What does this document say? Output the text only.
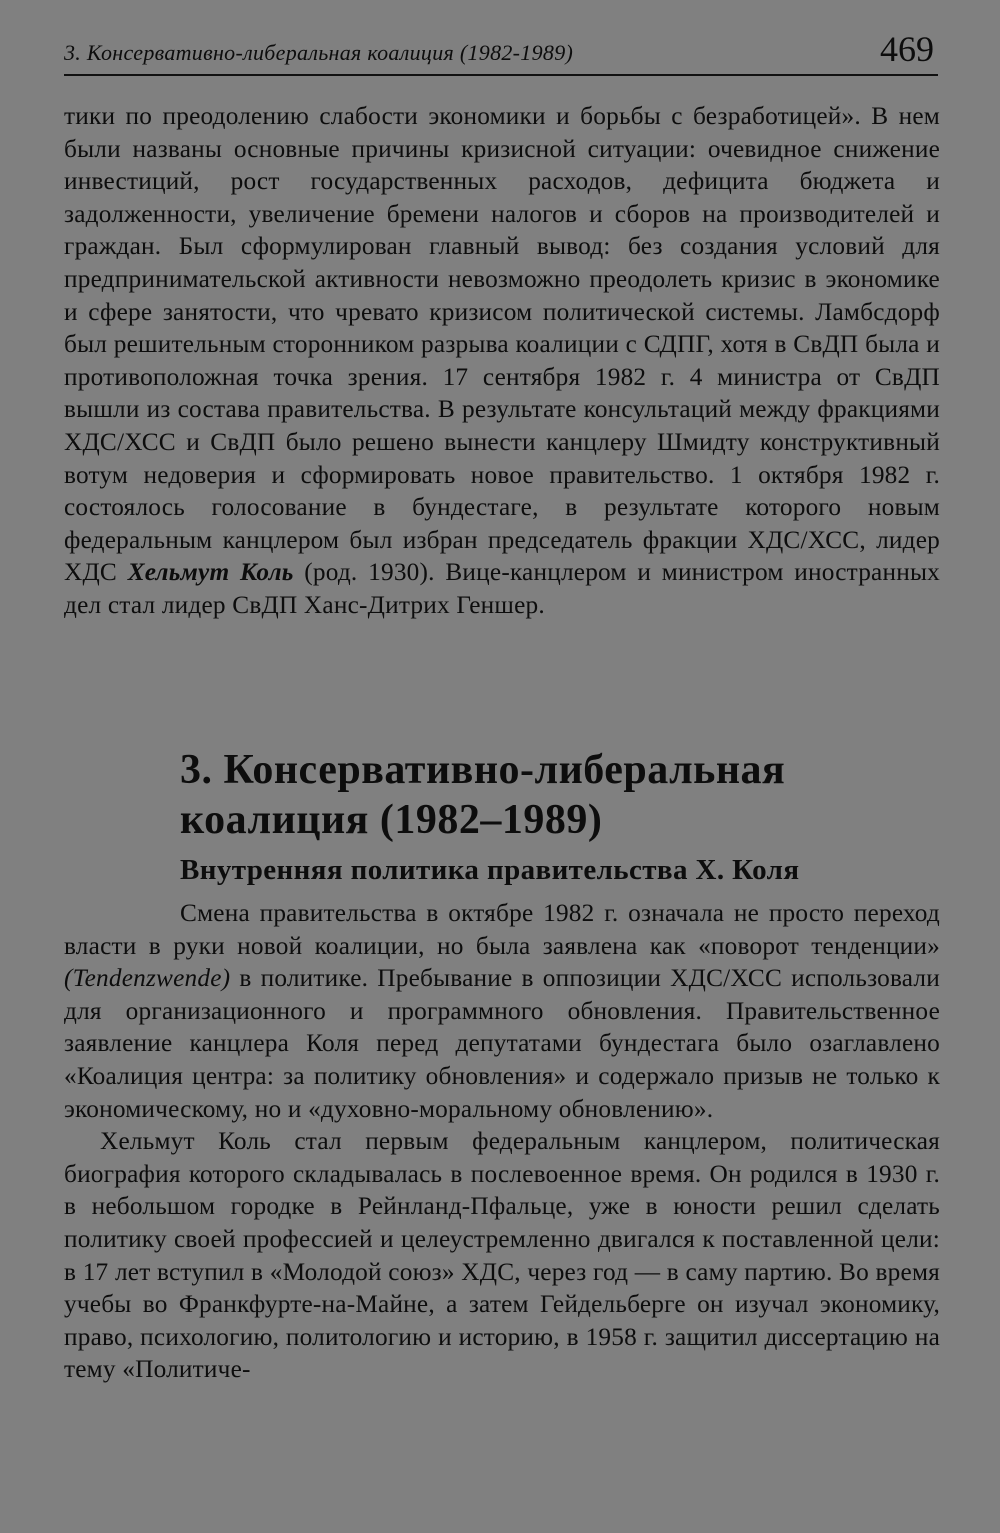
3. Консервативно-либеральная коалиция (1982-1989)	469

тики по преодолению слабости экономики и борьбы с безработицей». В нем были названы основные причины кризисной ситуации: очевидное снижение инвестиций, рост государственных расходов, дефицита бюджета и задолженности, увеличение бремени налогов и сборов на производителей и граждан. Был сформулирован главный вывод: без создания условий для предпринимательской активности невозможно преодолеть кризис в экономике и сфере занятости, что чревато кризисом политической системы. Ламбсдорф был решительным сторонником разрыва коалиции с СДПГ, хотя в СвДП была и противоположная точка зрения. 17 сентября 1982 г. 4 министра от СвДП вышли из состава правительства. В результате консультаций между фракциями ХДС/ХСС и СвДП было решено вынести канцлеру Шмидту конструктивный вотум недоверия и сформировать новое правительство. 1 октября 1982 г. состоялось голосование в бундестаге, в результате которого новым федеральным канцлером был избран председатель фракции ХДС/ХСС, лидер ХДС Хельмут Коль (род. 1930). Вице-канцлером и министром иностранных дел стал лидер СвДП Ханс-Дитрих Геншер.

3. Консервативно-либеральная
коалиция (1982–1989)
Внутренняя политика правительства Х. Коля

Смена правительства в октябре 1982 г. означала не просто переход власти в руки новой коалиции, но была заявлена как «поворот тенденции» (Tendenzwende) в политике. Пребывание в оппозиции ХДС/ХСС использовали для организационного и программного обновления. Правительственное заявление канцлера Коля перед депутатами бундестага было озаглавлено «Коалиция центра: за политику обновления» и содержало призыв не только к экономическому, но и «духовно-моральному обновлению».

Хельмут Коль стал первым федеральным канцлером, политическая биография которого складывалась в послевоенное время. Он родился в 1930 г. в небольшом городке в Рейнланд-Пфальце, уже в юности решил сделать политику своей профессией и целеустремленно двигался к поставленной цели: в 17 лет вступил в «Молодой союз» ХДС, через год — в саму партию. Во время учебы во Франкфурте-на-Майне, а затем Гейдельберге он изучал экономику, право, психологию, политологию и историю, в 1958 г. защитил диссертацию на тему «Политиче-
